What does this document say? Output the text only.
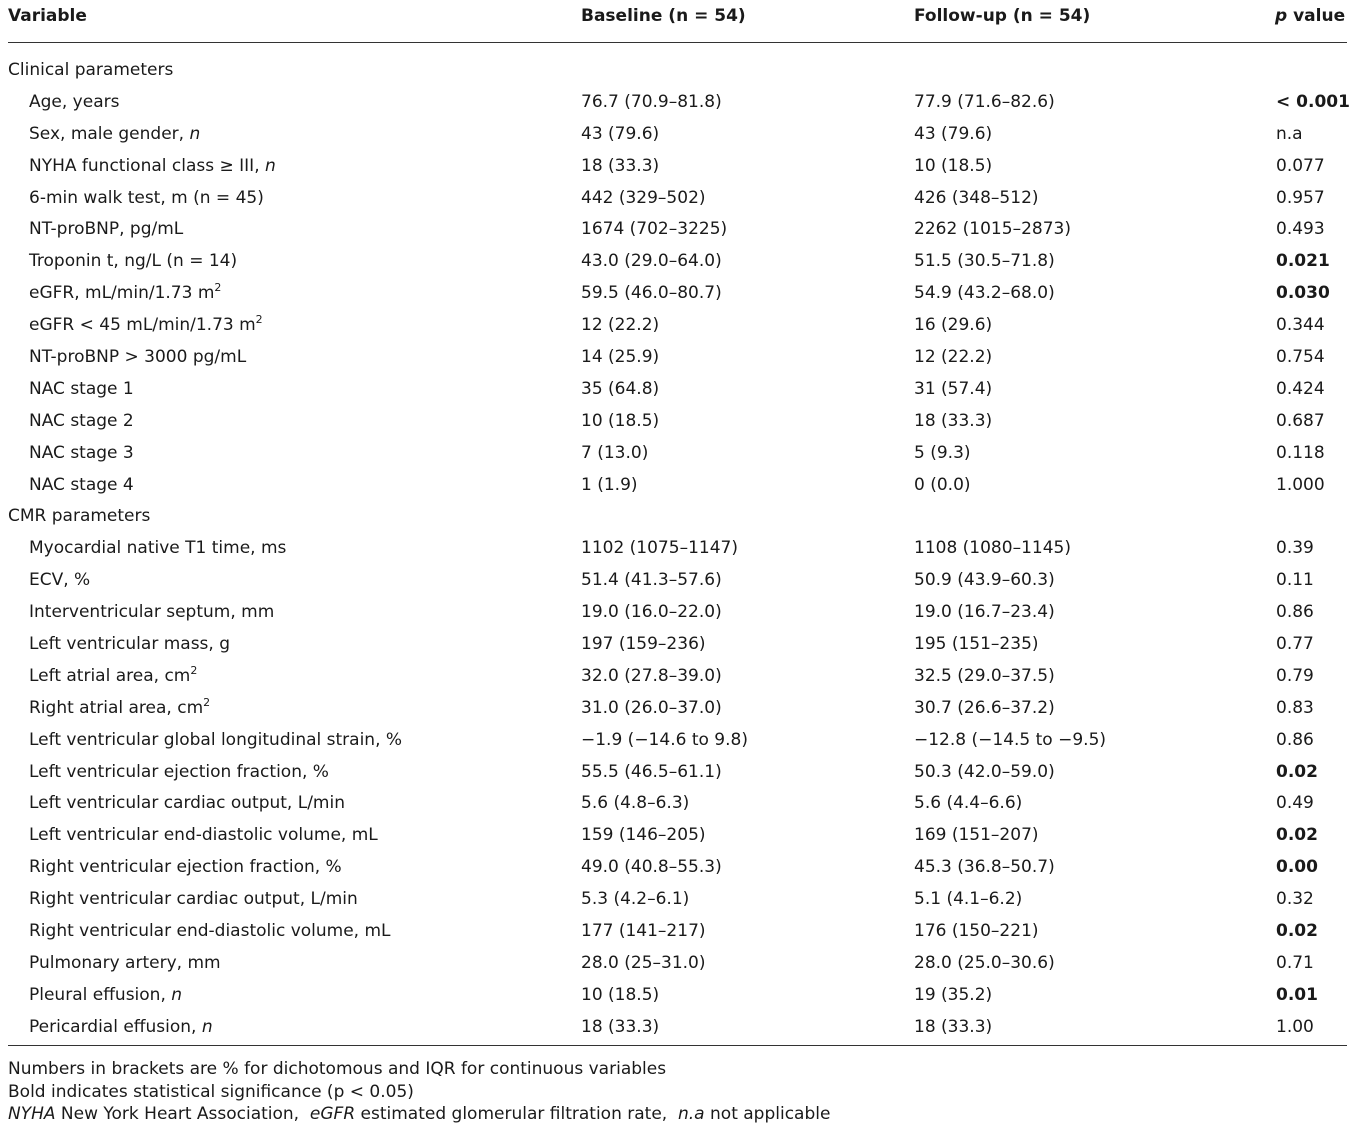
Variable	Baseline (n = 54)	Follow-up (n = 54)	p value
Clinical parameters
Age, years	76.7 (70.9–81.8)	77.9 (71.6–82.6)	< 0.001
Sex, male gender, n	43 (79.6)	43 (79.6)	n.a
NYHA functional class ≥ III, n	18 (33.3)	10 (18.5)	0.077
6-min walk test, m (n = 45)	442 (329–502)	426 (348–512)	0.957
NT-proBNP, pg/mL	1674 (702–3225)	2262 (1015–2873)	0.493
Troponin t, ng/L (n = 14)	43.0 (29.0–64.0)	51.5 (30.5–71.8)	0.021
eGFR, mL/min/1.73 $m^2$	59.5 (46.0–80.7)	54.9 (43.2–68.0)	0.030
eGFR < 45 mL/min/1.73 $m^2$	12 (22.2)	16 (29.6)	0.344
NT-proBNP > 3000 pg/mL	14 (25.9)	12 (22.2)	0.754
NAC stage 1	35 (64.8)	31 (57.4)	0.424
NAC stage 2	10 (18.5)	18 (33.3)	0.687
NAC stage 3	7 (13.0)	5 (9.3)	0.118
NAC stage 4	1 (1.9)	0 (0.0)	1.000
CMR parameters
Myocardial native T1 time, ms	1102 (1075–1147)	1108 (1080–1145)	0.39
ECV, %	51.4 (41.3–57.6)	50.9 (43.9–60.3)	0.11
Interventricular septum, mm	19.0 (16.0–22.0)	19.0 (16.7–23.4)	0.86
Left ventricular mass, g	197 (159–236)	195 (151–235)	0.77
Left atrial area, $cm^2$	32.0 (27.8–39.0)	32.5 (29.0–37.5)	0.79
Right atrial area, $cm^2$	31.0 (26.0–37.0)	30.7 (26.6–37.2)	0.83
Left ventricular global longitudinal strain, %	−1.9 (−14.6 to 9.8)	−12.8 (−14.5 to −9.5)	0.86
Left ventricular ejection fraction, %	55.5 (46.5–61.1)	50.3 (42.0–59.0)	0.02
Left ventricular cardiac output, L/min	5.6 (4.8–6.3)	5.6 (4.4–6.6)	0.49
Left ventricular end-diastolic volume, mL	159 (146–205)	169 (151–207)	0.02
Right ventricular ejection fraction, %	49.0 (40.8–55.3)	45.3 (36.8–50.7)	0.00
Right ventricular cardiac output, L/min	5.3 (4.2–6.1)	5.1 (4.1–6.2)	0.32
Right ventricular end-diastolic volume, mL	177 (141–217)	176 (150–221)	0.02
Pulmonary artery, mm	28.0 (25–31.0)	28.0 (25.0–30.6)	0.71
Pleural effusion, n	10 (18.5)	19 (35.2)	0.01
Pericardial effusion, n	18 (33.3)	18 (33.3)	1.00
Numbers in brackets are % for dichotomous and IQR for continuous variables
Bold indicates statistical significance (p < 0.05)
NYHA New York Heart Association,  eGFR estimated glomerular filtration rate,  n.a not applicable
